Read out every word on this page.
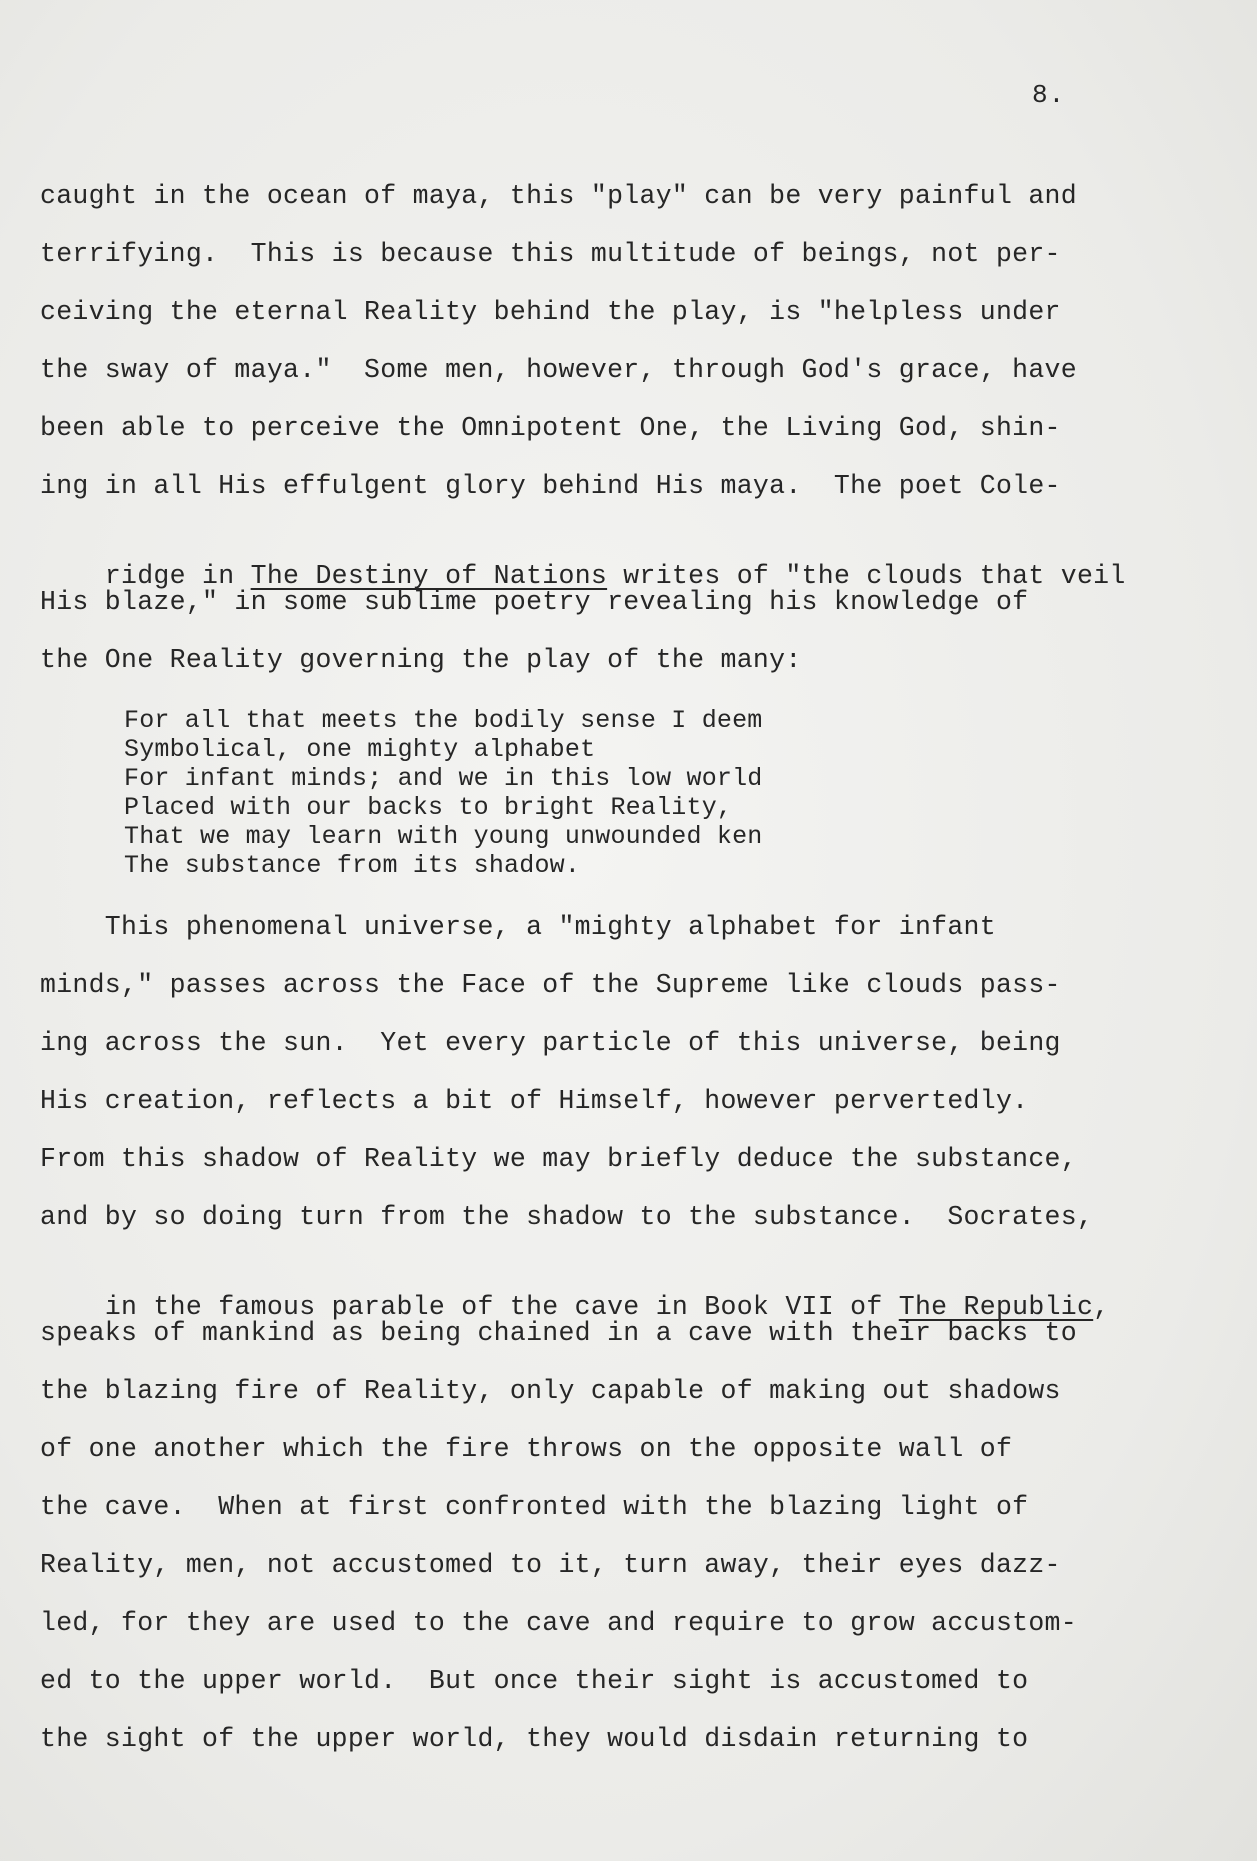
8.
caught in the ocean of maya, this "play" can be very painful and
terrifying.  This is because this multitude of beings, not per-
ceiving the eternal Reality behind the play, is "helpless under
the sway of maya."  Some men, however, through God's grace, have
been able to perceive the Omnipotent One, the Living God, shin-
ing in all His effulgent glory behind His maya.  The poet Cole-

ridge in The Destiny of Nations writes of "the clouds that veil

His blaze," in some sublime poetry revealing his knowledge of
the One Reality governing the play of the many:
For all that meets the bodily sense I deem
Symbolical, one mighty alphabet
For infant minds; and we in this low world
Placed with our backs to bright Reality,
That we may learn with young unwounded ken
The substance from its shadow.
This phenomenal universe, a "mighty alphabet for infant
minds," passes across the Face of the Supreme like clouds pass-
ing across the sun.  Yet every particle of this universe, being
His creation, reflects a bit of Himself, however pervertedly.
From this shadow of Reality we may briefly deduce the substance,
and by so doing turn from the shadow to the substance.  Socrates,

in the famous parable of the cave in Book VII of The Republic,

speaks of mankind as being chained in a cave with their backs to
the blazing fire of Reality, only capable of making out shadows
of one another which the fire throws on the opposite wall of
the cave.  When at first confronted with the blazing light of
Reality, men, not accustomed to it, turn away, their eyes dazz-
led, for they are used to the cave and require to grow accustom-
ed to the upper world.  But once their sight is accustomed to
the sight of the upper world, they would disdain returning to
